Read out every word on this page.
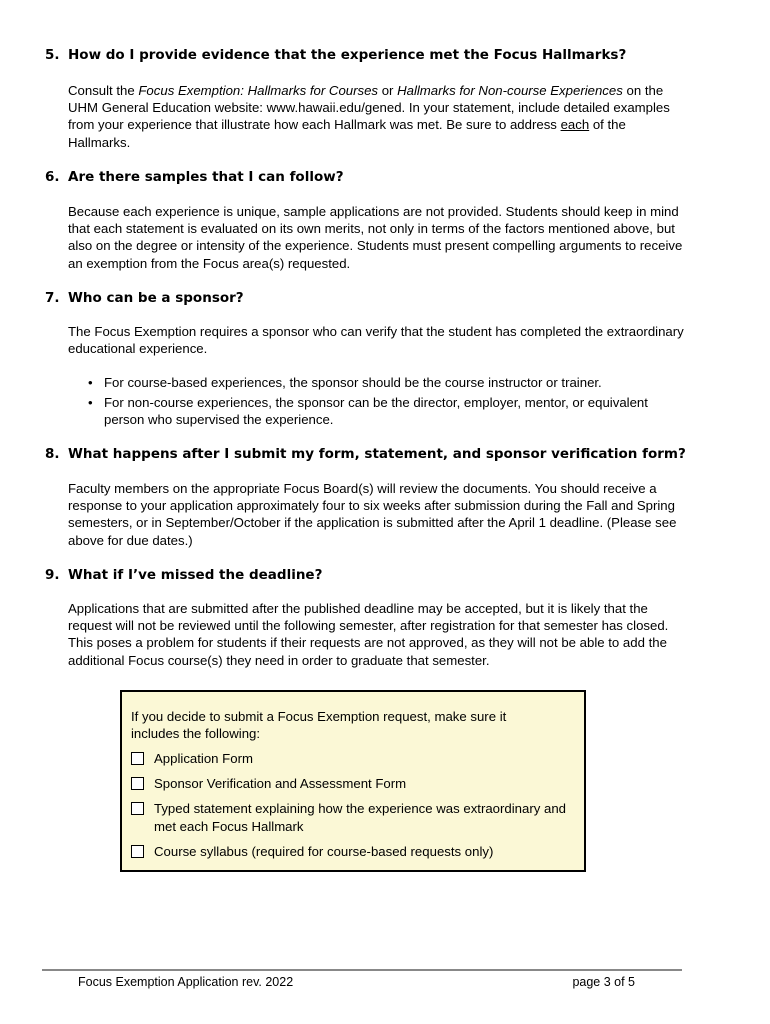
5. How do I provide evidence that the experience met the Focus Hallmarks?
Consult the Focus Exemption: Hallmarks for Courses or Hallmarks for Non-course Experiences on the UHM General Education website: www.hawaii.edu/gened. In your statement, include detailed examples from your experience that illustrate how each Hallmark was met. Be sure to address each of the Hallmarks.
6. Are there samples that I can follow?
Because each experience is unique, sample applications are not provided. Students should keep in mind that each statement is evaluated on its own merits, not only in terms of the factors mentioned above, but also on the degree or intensity of the experience. Students must present compelling arguments to receive an exemption from the Focus area(s) requested.
7. Who can be a sponsor?
The Focus Exemption requires a sponsor who can verify that the student has completed the extraordinary educational experience.
• For course-based experiences, the sponsor should be the course instructor or trainer.
• For non-course experiences, the sponsor can be the director, employer, mentor, or equivalent person who supervised the experience.
8. What happens after I submit my form, statement, and sponsor verification form?
Faculty members on the appropriate Focus Board(s) will review the documents. You should receive a response to your application approximately four to six weeks after submission during the Fall and Spring semesters, or in September/October if the application is submitted after the April 1 deadline. (Please see above for due dates.)
9. What if I’ve missed the deadline?
Applications that are submitted after the published deadline may be accepted, but it is likely that the request will not be reviewed until the following semester, after registration for that semester has closed. This poses a problem for students if their requests are not approved, as they will not be able to add the additional Focus course(s) they need in order to graduate that semester.
If you decide to submit a Focus Exemption request, make sure it includes the following:
Application Form
Sponsor Verification and Assessment Form
Typed statement explaining how the experience was extraordinary and met each Focus Hallmark
Course syllabus (required for course-based requests only)
Focus Exemption Application rev. 2022	page 3 of 5
